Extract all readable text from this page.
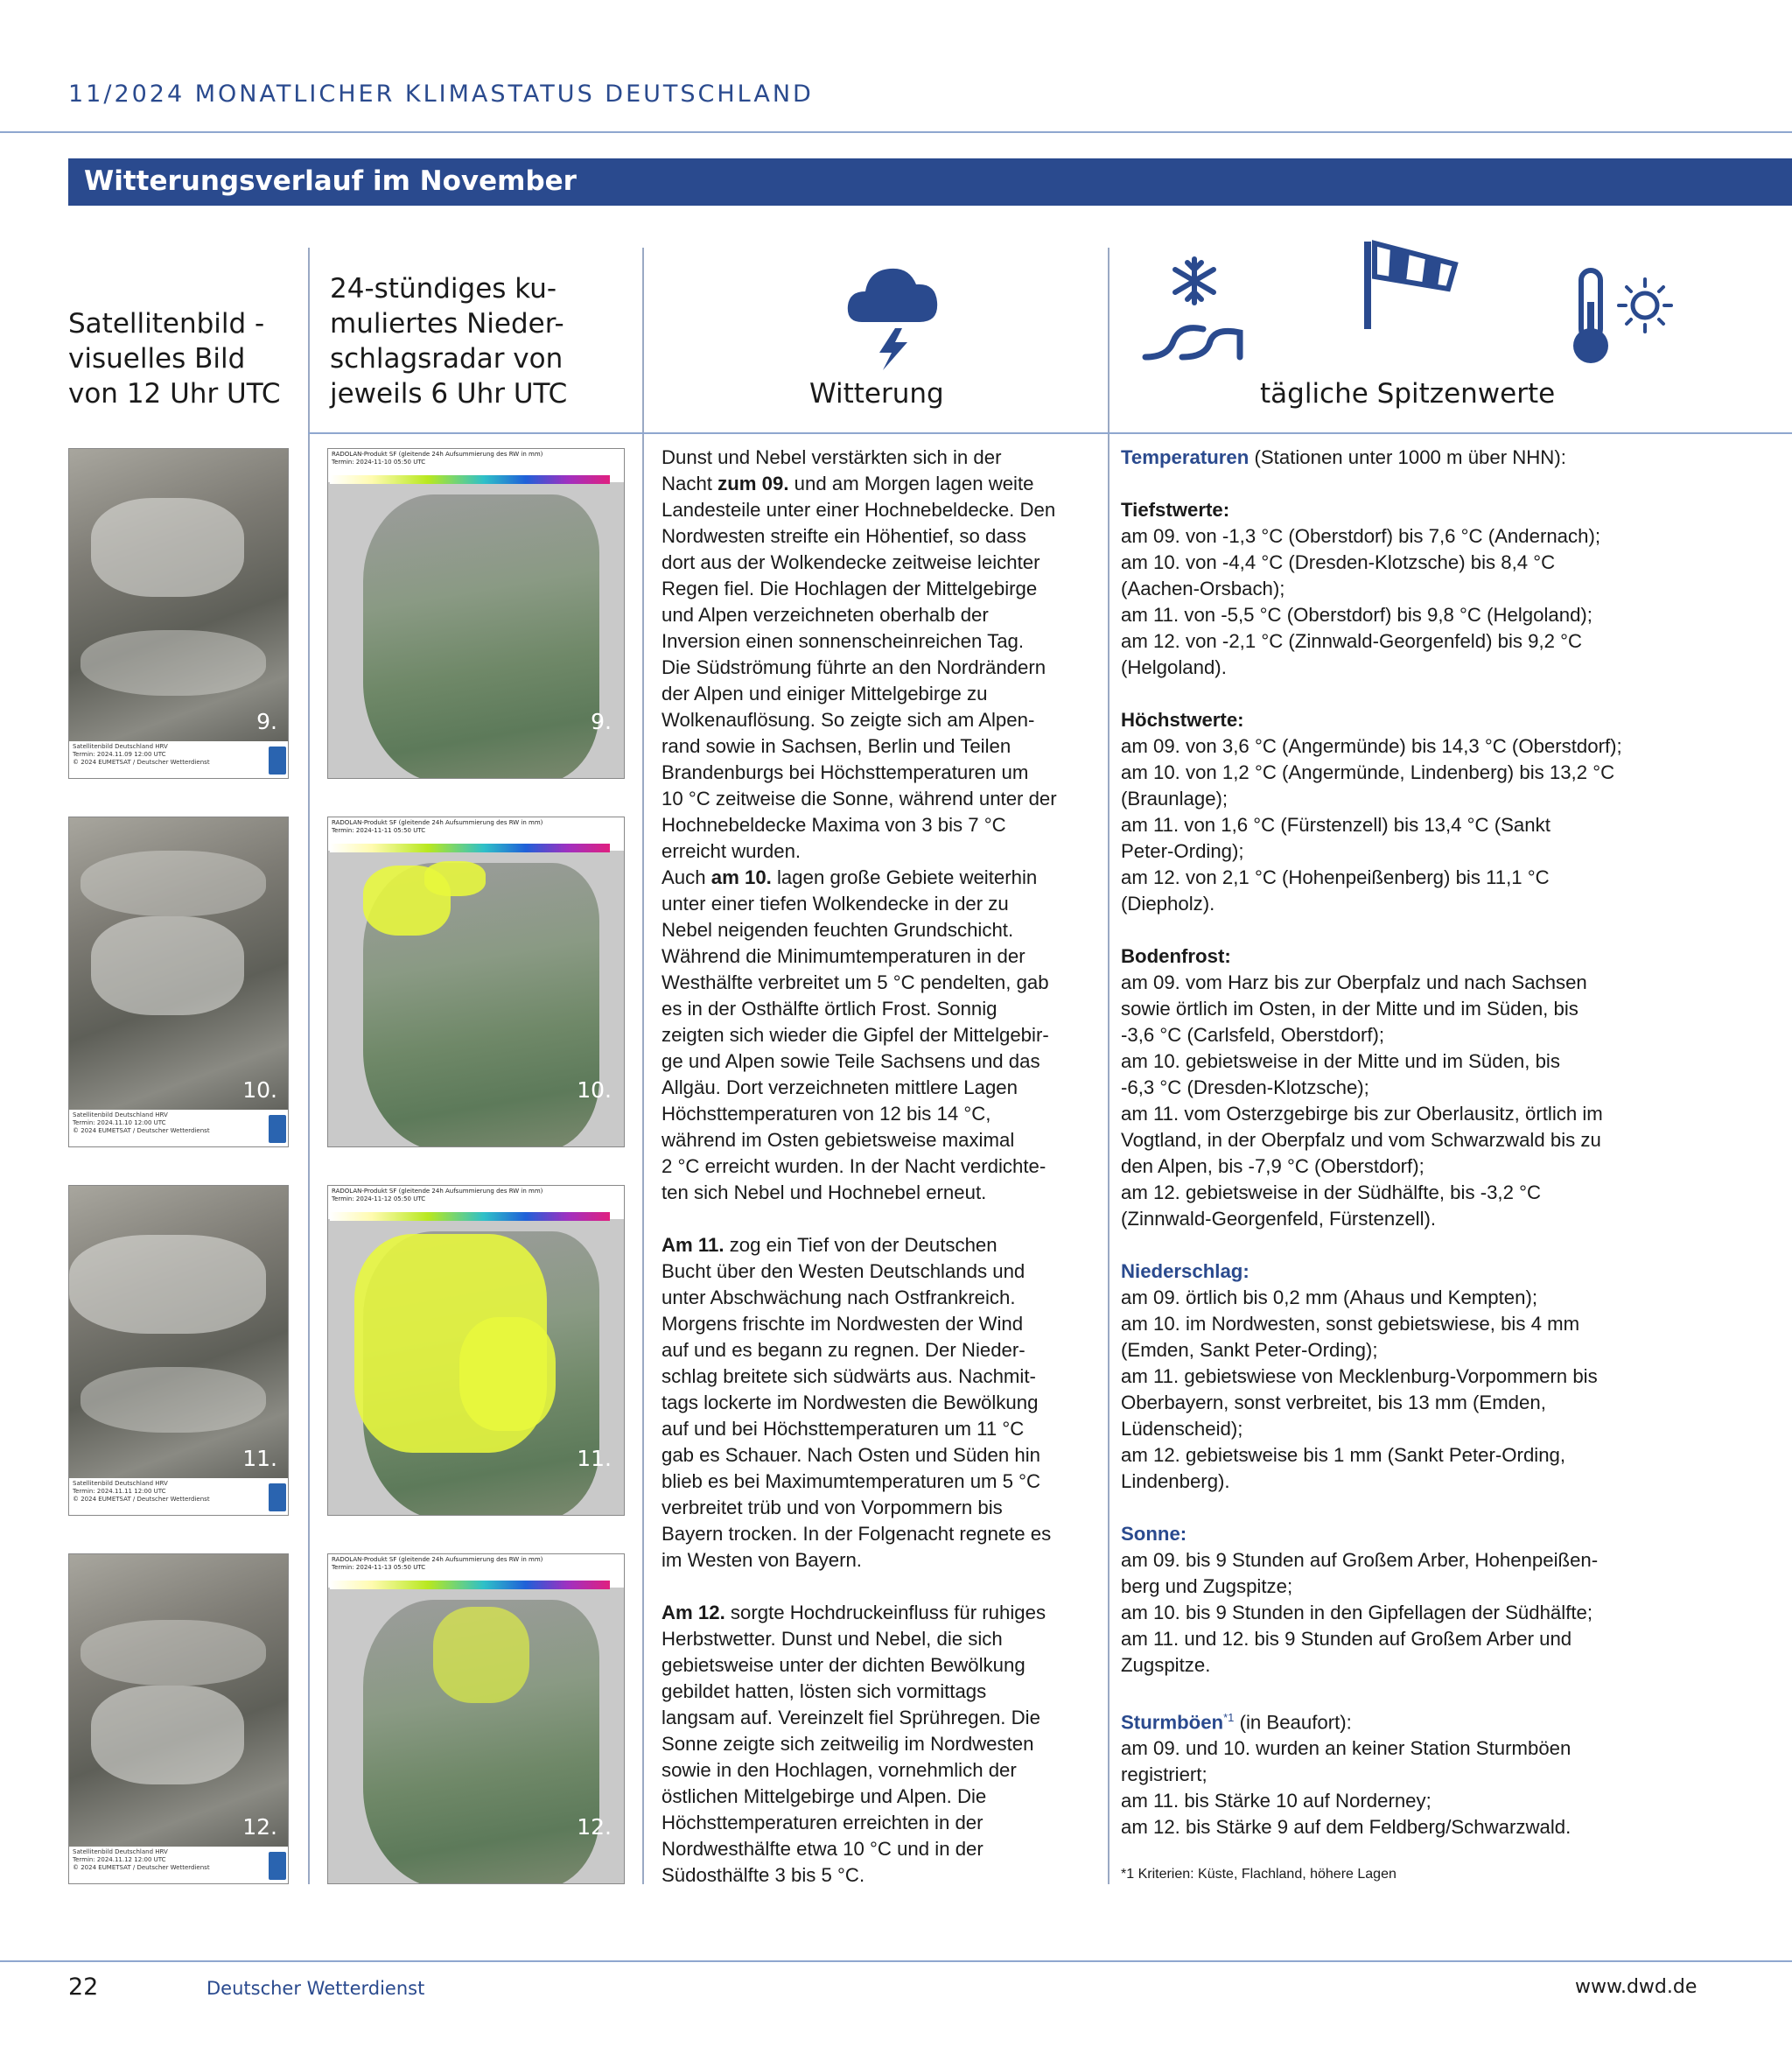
11/2024 MONATLICHER KLIMASTATUS DEUTSCHLAND
Witterungsverlauf im November
Satellitenbild -
visuelles Bild
von 12 Uhr UTC
24-stündiges ku-
muliertes Nieder-
schlagsradar von
jeweils 6 Uhr UTC	Witterung	tägliche Spitzenwerte
Satellitenbild Deutschland HRV
Termin: 2024.11.09 12:00 UTC
© 2024 EUMETSAT / Deutscher Wetterdienst
9.
Satellitenbild Deutschland HRV
Termin: 2024.11.10 12:00 UTC
© 2024 EUMETSAT / Deutscher Wetterdienst
10.
Satellitenbild Deutschland HRV
Termin: 2024.11.11 12:00 UTC
© 2024 EUMETSAT / Deutscher Wetterdienst
11.
Satellitenbild Deutschland HRV
Termin: 2024.11.12 12:00 UTC
© 2024 EUMETSAT / Deutscher Wetterdienst
12.
RADOLAN-Produkt SF (gleitende 24h Aufsummierung des RW in mm)
Termin: 2024-11-10 05:50 UTC
9.
RADOLAN-Produkt SF (gleitende 24h Aufsummierung des RW in mm)
Termin: 2024-11-11 05:50 UTC
10.
RADOLAN-Produkt SF (gleitende 24h Aufsummierung des RW in mm)
Termin: 2024-11-12 05:50 UTC
11.
RADOLAN-Produkt SF (gleitende 24h Aufsummierung des RW in mm)
Termin: 2024-11-13 05:50 UTC
12.

Dunst und Nebel verstärkten sich in der
Nacht zum 09. und am Morgen lagen weite
Landesteile unter einer Hochnebeldecke. Den
Nordwesten streifte ein Höhentief, so dass
dort aus der Wolkendecke zeitweise leichter
Regen fiel. Die Hochlagen der Mittelgebirge
und Alpen verzeichneten oberhalb der
Inversion einen sonnenscheinreichen Tag.
Die Südströmung führte an den Nordrändern
der Alpen und einiger Mittelgebirge zu
Wolkenauflösung. So zeigte sich am Alpen-
rand sowie in Sachsen, Berlin und Teilen
Brandenburgs bei Höchsttemperaturen um
10 °C zeitweise die Sonne, während unter der
Hochnebeldecke Maxima von 3 bis 7 °C
erreicht wurden.

Auch am 10. lagen große Gebiete weiterhin
unter einer tiefen Wolkendecke in der zu
Nebel neigenden feuchten Grundschicht.
Während die Minimumtemperaturen in der
Westhälfte verbreitet um 5 °C pendelten, gab
es in der Osthälfte örtlich Frost. Sonnig
zeigten sich wieder die Gipfel der Mittelgebir-
ge und Alpen sowie Teile Sachsens und das
Allgäu. Dort verzeichneten mittlere Lagen
Höchsttemperaturen von 12 bis 14 °C,
während im Osten gebietsweise maximal
2 °C erreicht wurden. In der Nacht verdichte-
ten sich Nebel und Hochnebel erneut.

Am 11. zog ein Tief von der Deutschen
Bucht über den Westen Deutschlands und
unter Abschwächung nach Ostfrankreich.
Morgens frischte im Nordwesten der Wind
auf und es begann zu regnen. Der Nieder-
schlag breitete sich südwärts aus. Nachmit-
tags lockerte im Nordwesten die Bewölkung
auf und bei Höchsttemperaturen um 11 °C
gab es Schauer. Nach Osten und Süden hin
blieb es bei Maximumtemperaturen um 5 °C
verbreitet trüb und von Vorpommern bis
Bayern trocken. In der Folgenacht regnete es
im Westen von Bayern.

Am 12. sorgte Hochdruckeinfluss für ruhiges
Herbstwetter. Dunst und Nebel, die sich
gebietsweise unter der dichten Bewölkung
gebildet hatten, lösten sich vormittags
langsam auf. Vereinzelt fiel Sprühregen. Die
Sonne zeigte sich zeitweilig im Nordwesten
sowie in den Hochlagen, vornehmlich der
östlichen Mittelgebirge und Alpen. Die
Höchsttemperaturen erreichten in der
Nordwesthälfte etwa 10 °C und in der
Südosthälfte 3 bis 5 °C.

Temperaturen (Stationen unter 1000 m über NHN):

Tiefstwerte:
am 09. von -1,3 °C (Oberstdorf) bis 7,6 °C (Andernach);
am 10. von -4,4 °C (Dresden-Klotzsche) bis 8,4 °C
(Aachen-Orsbach);
am 11. von -5,5 °C (Oberstdorf) bis 9,8 °C (Helgoland);
am 12. von -2,1 °C (Zinnwald-Georgenfeld) bis 9,2 °C
(Helgoland).

Höchstwerte:
am 09. von 3,6 °C (Angermünde) bis 14,3 °C (Oberstdorf);
am 10. von 1,2 °C (Angermünde, Lindenberg) bis 13,2 °C
(Braunlage);
am 11. von 1,6 °C (Fürstenzell) bis 13,4 °C (Sankt
Peter-Ording);
am 12. von 2,1 °C (Hohenpeißenberg) bis 11,1 °C
(Diepholz).

Bodenfrost:
am 09. vom Harz bis zur Oberpfalz und nach Sachsen
sowie örtlich im Osten, in der Mitte und im Süden, bis
-3,6 °C (Carlsfeld, Oberstdorf);
am 10. gebietsweise in der Mitte und im Süden, bis
-6,3 °C (Dresden-Klotzsche);
am 11. vom Osterzgebirge bis zur Oberlausitz, örtlich im
Vogtland, in der Oberpfalz und vom Schwarzwald bis zu
den Alpen, bis -7,9 °C (Oberstdorf);
am 12. gebietsweise in der Südhälfte, bis -3,2 °C
(Zinnwald-Georgenfeld, Fürstenzell).

Niederschlag:
am 09. örtlich bis 0,2 mm (Ahaus und Kempten);
am 10. im Nordwesten, sonst gebietswiese, bis 4 mm
(Emden, Sankt Peter-Ording);
am 11. gebietswiese von Mecklenburg-Vorpommern bis
Oberbayern, sonst verbreitet, bis 13 mm (Emden,
Lüdenscheid);
am 12. gebietsweise bis 1 mm (Sankt Peter-Ording,
Lindenberg).

Sonne:
am 09. bis 9 Stunden auf Großem Arber, Hohenpeißen-
berg und Zugspitze;
am 10. bis 9 Stunden in den Gipfellagen der Südhälfte;
am 11. und 12. bis 9 Stunden auf Großem Arber und
Zugspitze.

Sturmböen$^{*1}$ (in Beaufort):
am 09. und 10. wurden an keiner Station Sturmböen
registriert;
am 11. bis Stärke 10 auf Norderney;
am 12. bis Stärke 9 auf dem Feldberg/Schwarzwald.

*1 Kriterien: Küste, Flachland, höhere Lagen
22	Deutscher Wetterdienst	www.dwd.de
